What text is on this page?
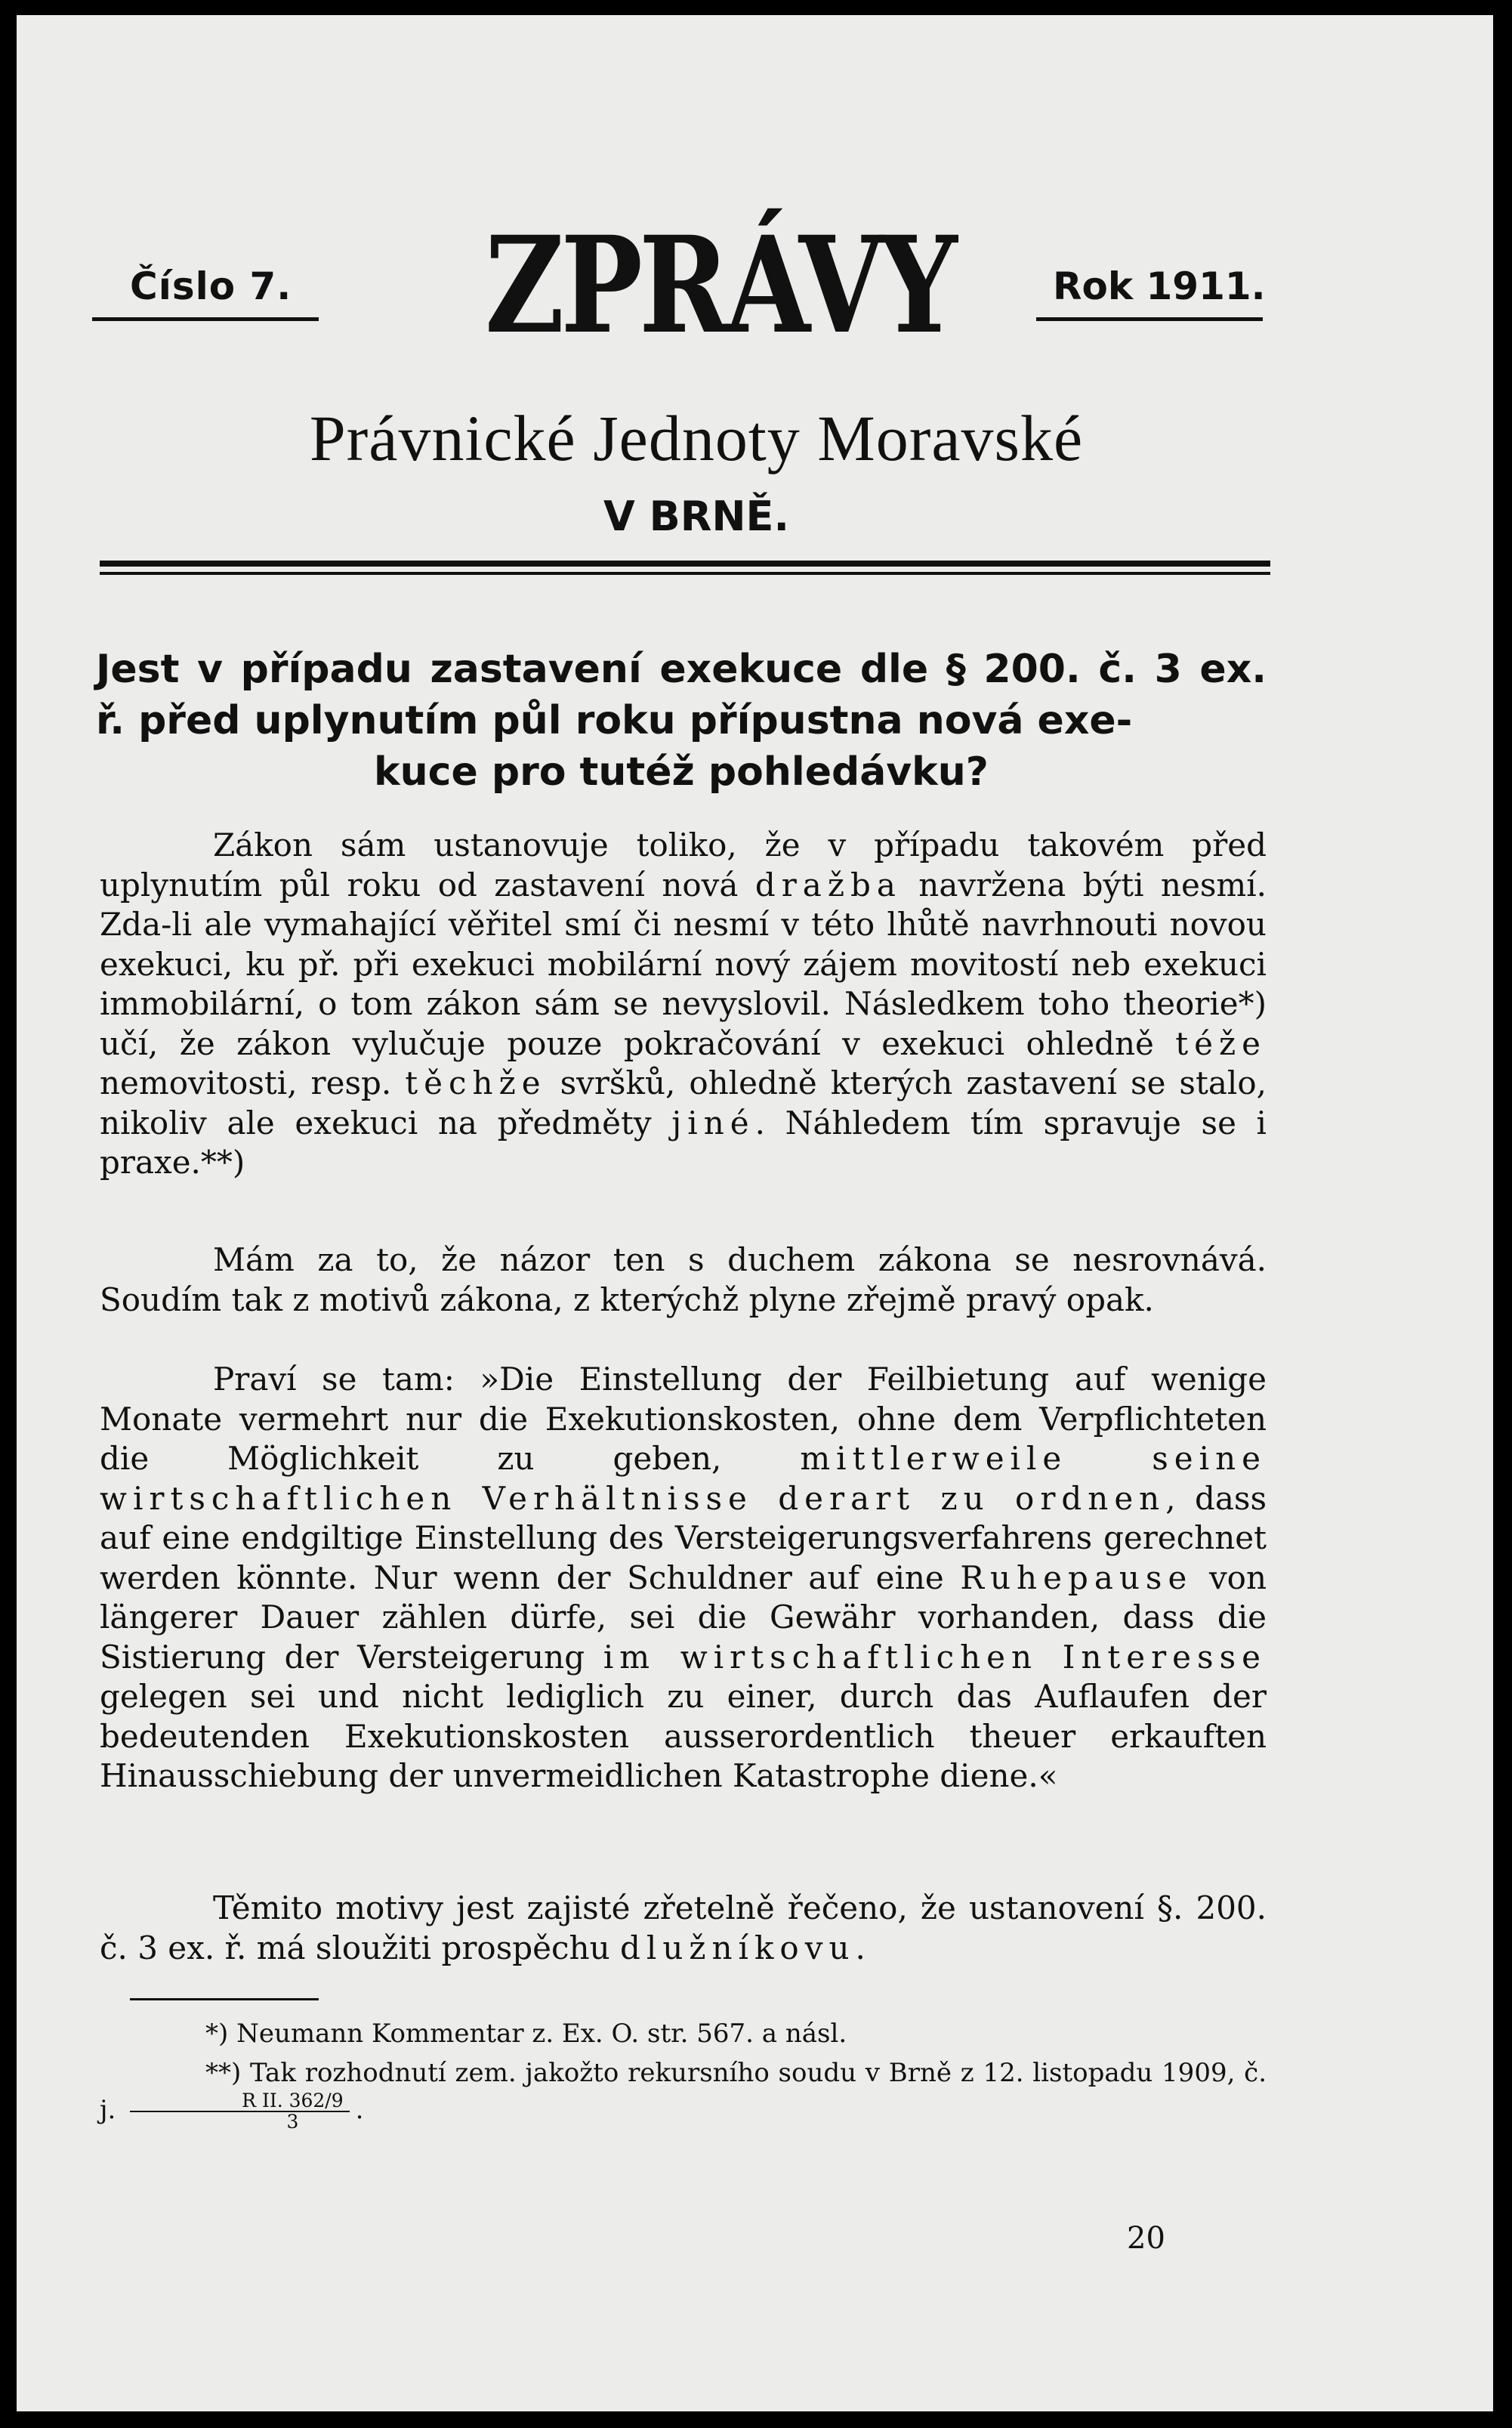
Číslo 7. ZPRÁVY	Rok 1911.
Právnické Jednoty Moravské
V BRNĚ.
Jest v případu zastavení exekuce dle § 200. č. 3 ex. ř. před uplynutím půl roku přípustna nová exe-
kuce pro tutéž pohledávku?

Zákon sám ustanovuje toliko, že v případu takovém před uplynutím půl roku od zastavení nová dražba navržena býti nesmí. Zda-li ale vymahající věřitel smí či nesmí v této lhůtě navrhnouti novou exekuci, ku př. při exekuci mobilární nový zájem movitostí neb exekuci immobilární, o tom zákon sám se nevyslovil. Následkem toho theorie*) učí, že zákon vylučuje pouze pokračování v exekuci ohledně téže nemovitosti, resp. těchže svršků, ohledně kterých zastavení se stalo, nikoliv ale exekuci na předměty jiné. Náhledem tím spravuje se i praxe.**)

Mám za to, že názor ten s duchem zákona se nesrovnává. Soudím tak z motivů zákona, z kterýchž plyne zřejmě pravý opak.

Praví se tam: »Die Einstellung der Feilbietung auf wenige Monate vermehrt nur die Exekutionskosten, ohne dem Verpflichteten die Möglichkeit zu geben, mittlerweile seine wirtschaftlichen Verhältnisse derart zu ordnen, dass auf eine endgiltige Einstellung des Versteigerungsverfahrens gerechnet werden könnte. Nur wenn der Schuldner auf eine Ruhepause von längerer Dauer zählen dürfe, sei die Gewähr vorhanden, dass die Sistierung der Versteigerung im wirtschaftlichen Interesse gelegen sei und nicht lediglich zu einer, durch das Auflaufen der bedeutenden Exekutionskosten ausserordentlich theuer erkauften Hinausschiebung der unvermeidlichen Katastrophe diene.«

Těmito motivy jest zajisté zřetelně řečeno, že ustanovení §. 200. č. 3 ex. ř. má sloužiti prospěchu dlužníkovu.

*) Neumann Kommentar z. Ex. O. str. 567. a násl.
**) Tak rozhodnutí zem. jakožto rekursního soudu v Brně z 12. listopadu 1909, č. j. $\frac{\text{R II. 362/9}}{3}$ .
20
